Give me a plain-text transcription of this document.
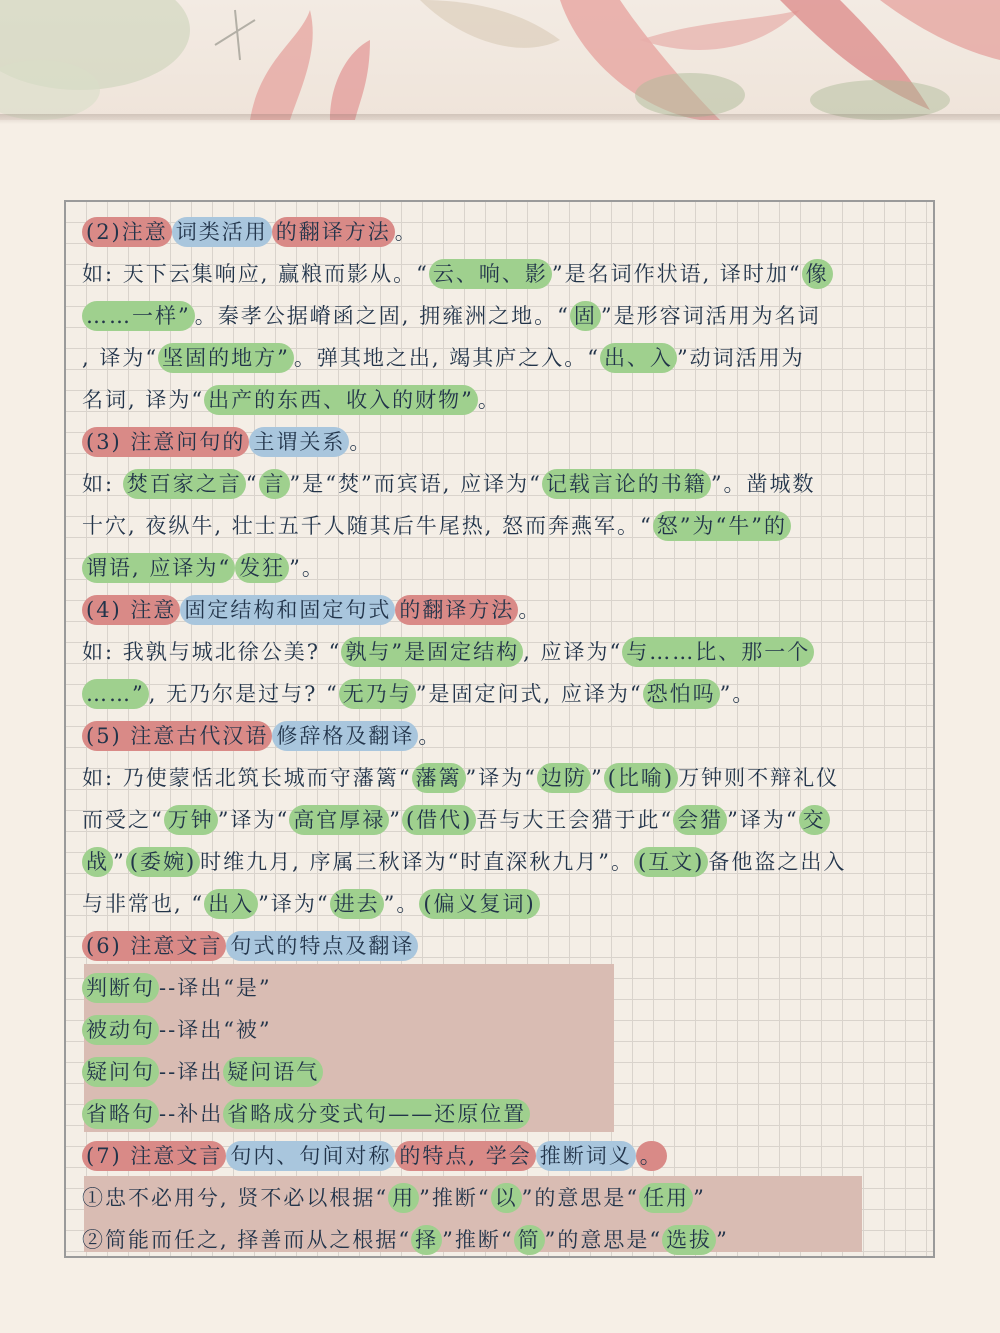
(2)注意 词类活用 的翻译方法 。
如: 天下云集响应, 赢粮而影从。“ 云、响、影 ”是名词作状语, 译时加“ 像
……一样” 。秦孝公据嵴函之固, 拥雍洲之地。“ 固 ”是形容词活用为名词
, 译为“ 坚固的地方” 。弹其地之出, 竭其庐之入。“ 出、入 ”动词活用为
名词, 译为“ 出产的东西、收入的财物” 。
(3) 注意问句的 主谓关系 。
如: 焚百家之言 “ 言 ”是“焚”而宾语, 应译为“ 记载言论的书籍 ”。凿城数
十穴, 夜纵牛, 壮士五千人随其后牛尾热, 怒而奔燕军。“ 怒”为“牛”的
谓语, 应译为“ 发狂 ”。
(4) 注意 固定结构和固定句式 的翻译方法 。
如: 我孰与城北徐公美? “ 孰与”是固定结构 , 应译为“ 与……比、那一个
……” , 无乃尔是过与? “ 无乃与 ”是固定问式, 应译为“ 恐怕吗 ”。
(5) 注意古代汉语 修辞格及翻译 。
如: 乃使蒙恬北筑长城而守藩篱“ 藩篱 ”译为“ 边防 ” (比喻) 万钟则不辩礼仪
而受之“ 万钟 ”译为“ 高官厚禄 ” (借代) 吾与大王会猎于此“ 会猎 ”译为“ 交
战 ” (委婉) 时维九月, 序属三秋译为“时直深秋九月”。 (互文) 备他盗之出入
与非常也, “ 出入 ”译为“ 进去 ”。 (偏义复词)
(6) 注意文言 句式的特点及翻译
判断句 --译出“是”
被动句 --译出“被”
疑问句 --译出 疑问语气
省略句 --补出 省略成分变式句——还原位置
(7) 注意文言 句内、句间对称 的特点, 学会 推断词义 。
①忠不必用兮, 贤不必以根据“ 用 ”推断“ 以 ”的意思是“ 任用 ”
②简能而任之, 择善而从之根据“ 择 ”推断“ 简 ”的意思是“ 选拔 ”
